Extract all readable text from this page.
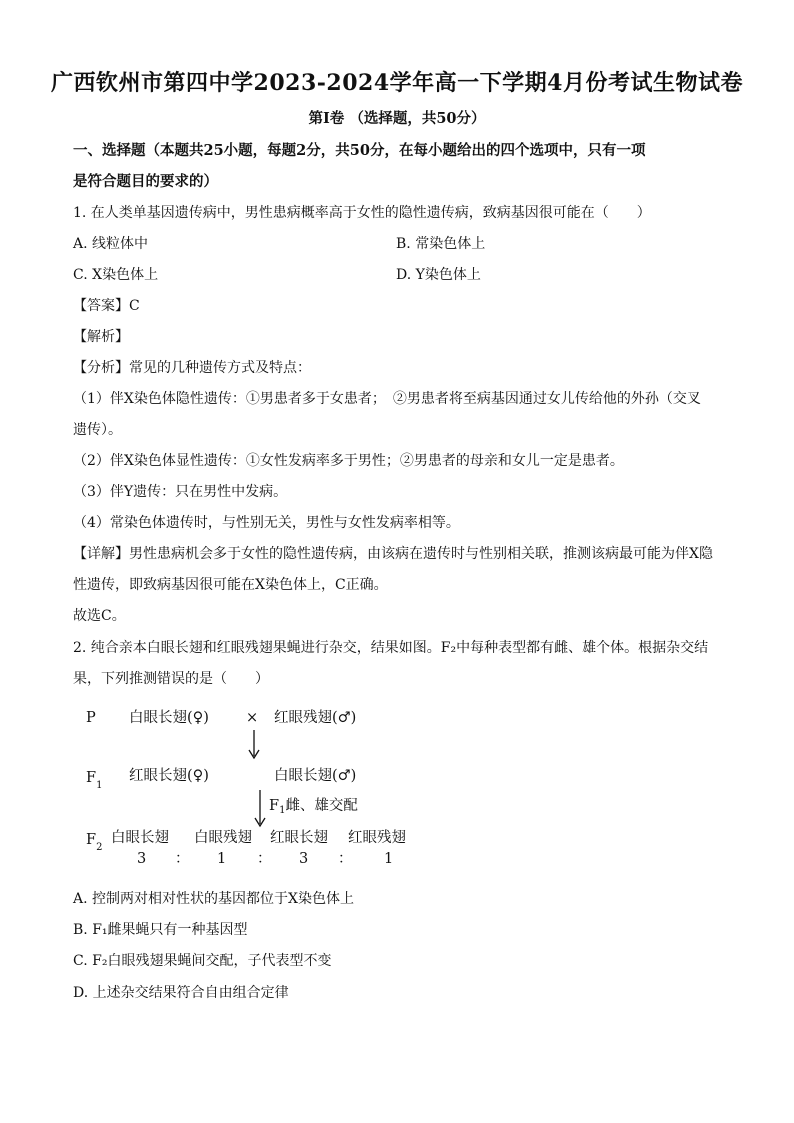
广西钦州市第四中学2023-2024学年高一下学期4月份考试生物试卷
第I卷 （选择题，共50分）
一、选择题（本题共25小题，每题2分，共50分，在每小题给出的四个选项中，只有一项
是符合题目的要求的）
1. 在人类单基因遗传病中，男性患病概率高于女性的隐性遗传病，致病基因很可能在（　　）
A. 线粒体中	B. 常染色体上
C. X染色体上	D. Y染色体上
【答案】C
【解析】
【分析】常见的几种遗传方式及特点：
（1）伴X染色体隐性遗传：①男患者多于女患者；　②男患者将至病基因通过女儿传给他的外孙（交叉
遗传）。
（2）伴X染色体显性遗传：①女性发病率多于男性；②男患者的母亲和女儿一定是患者。
（3）伴Y遗传：只在男性中发病。
（4）常染色体遗传时，与性别无关，男性与女性发病率相等。
【详解】男性患病机会多于女性的隐性遗传病，由该病在遗传时与性别相关联，推测该病最可能为伴X隐
性遗传，即致病基因很可能在X染色体上，C正确。
故选C。
2. 纯合亲本白眼长翅和红眼残翅果蝇进行杂交，结果如图。F₂中每种表型都有雌、雄个体。根据杂交结
果，下列推测错误的是（　　）
P 白眼长翅(♀)	× 红眼残翅(♂)
$F_1$
红眼长翅(♀)	白眼长翅(♂)
$F_1$雌、雄交配
$F_2$
白眼长翅 白眼残翅 红眼长翅 红眼残翅
3 ： 1 ： 3 ： 1
A. 控制两对相对性状的基因都位于X染色体上
B. F₁雌果蝇只有一种基因型
C. F₂白眼残翅果蝇间交配，子代表型不变
D. 上述杂交结果符合自由组合定律
